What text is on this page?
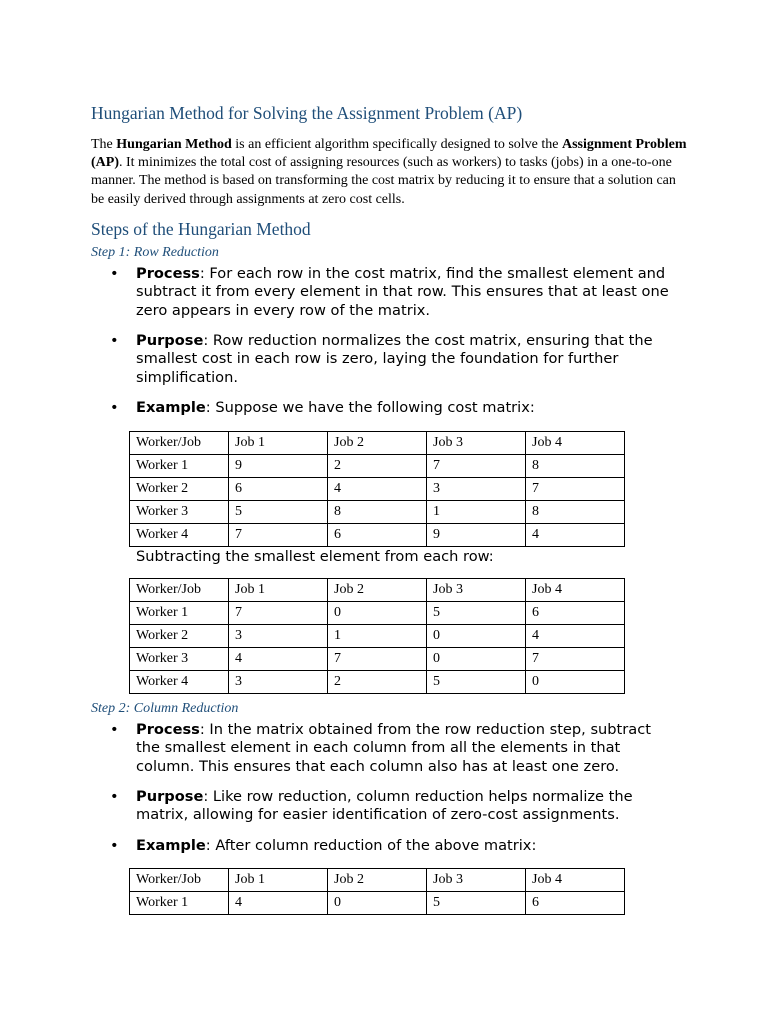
Hungarian Method for Solving the Assignment Problem (AP)

The Hungarian Method is an efficient algorithm specifically designed to solve the Assignment Problem (AP). It minimizes the total cost of assigning resources (such as workers) to tasks (jobs) in a one-to-one manner. The method is based on transforming the cost matrix by reducing it to ensure that a solution can be easily derived through assignments at zero cost cells.

Steps of the Hungarian Method
Step 1: Row Reduction
•	Process: For each row in the cost matrix, find the smallest element and subtract it from every element in that row. This ensures that at least one zero appears in every row of the matrix.
•	Purpose: Row reduction normalizes the cost matrix, ensuring that the smallest cost in each row is zero, laying the foundation for further simplification.
•	Example: Suppose we have the following cost matrix:
Worker/Job	Job 1	Job 2	Job 3	Job 4
Worker 1	9	2	7	8
Worker 2	6	4	3	7
Worker 3	5	8	1	8
Worker 4	7	6	9	4
Subtracting the smallest element from each row:
Worker/Job	Job 1	Job 2	Job 3	Job 4
Worker 1	7	0	5	6
Worker 2	3	1	0	4
Worker 3	4	7	0	7
Worker 4	3	2	5	0
Step 2: Column Reduction
•	Process: In the matrix obtained from the row reduction step, subtract the smallest element in each column from all the elements in that column. This ensures that each column also has at least one zero.
•	Purpose: Like row reduction, column reduction helps normalize the matrix, allowing for easier identification of zero-cost assignments.
•	Example: After column reduction of the above matrix:
Worker/Job	Job 1	Job 2	Job 3	Job 4
Worker 1	4	0	5	6
